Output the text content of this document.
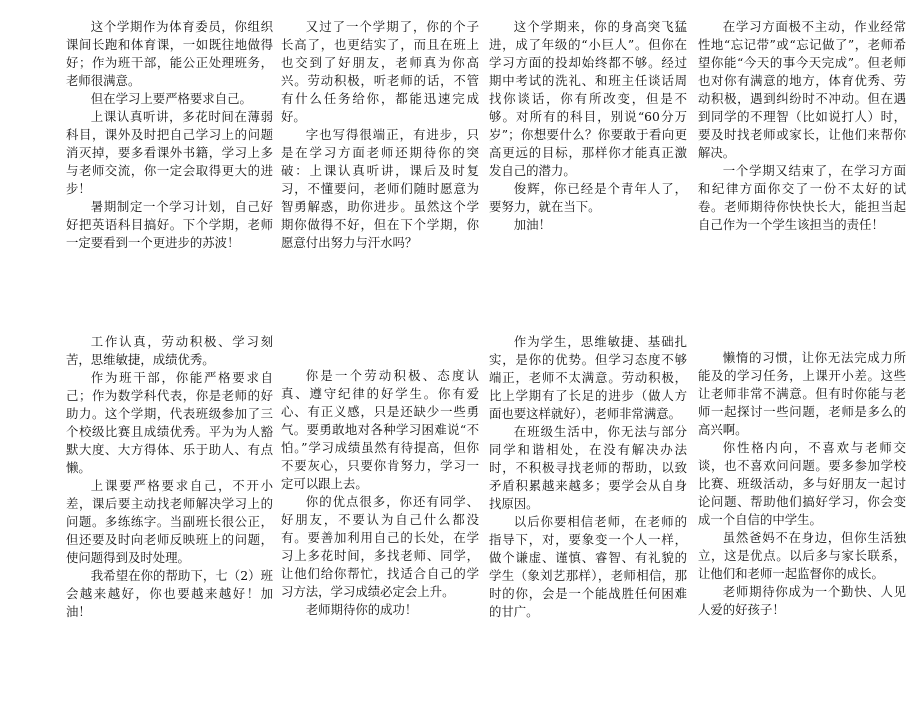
这个学期作为体育委员，你组织课间长跑和体育课，一如既往地做得好；作为班干部，能公正处理班务，老师很满意。

但在学习上要严格要求自己。

上课认真听讲，多花时间在薄弱科目，课外及时把自己学习上的问题消灭掉，要多看课外书籍，学习上多与老师交流，你一定会取得更大的进步！

暑期制定一个学习计划，自己好好把英语科目搞好。下个学期，老师一定要看到一个更进步的苏波！

又过了一个学期了，你的个子长高了，也更结实了，而且在班上也交到了好朋友，老师真为你高兴。劳动积极，听老师的话，不管有什么任务给你，都能迅速完成好。

字也写得很端正，有进步，只是在学习方面老师还期待你的突破：上课认真听讲，课后及时复习，不懂要问，老师们随时愿意为智勇解惑，助你进步。虽然这个学期你做得不好，但在下个学期，你愿意付出努力与汗水吗？

这个学期来，你的身高突飞猛进，成了年级的“小巨人”。但你在学习方面的投却始终都不够。经过期中考试的洗礼、和班主任谈话周找你谈话，你有所改变，但是不够。对所有的科目，别说“60分万岁”；你想要什么？你要敢于看向更高更远的目标，那样你才能真正激发自己的潜力。

俊辉，你已经是个青年人了，要努力，就在当下。

加油！

在学习方面极不主动，作业经常性地“忘记带”或“忘记做了”，老师希望你能“今天的事今天完成”。但老师也对你有满意的地方，体育优秀、劳动积极，遇到纠纷时不冲动。但在遇到同学的不理智（比如说打人）时，要及时找老师或家长，让他们来帮你解决。

一个学期又结束了，在学习方面和纪律方面你交了一份不太好的试卷。老师期待你快快长大，能担当起自己作为一个学生该担当的责任！

工作认真，劳动积极、学习刻苦，思维敏捷，成绩优秀。

作为班干部，你能严格要求自己；作为数学科代表，你是老师的好助力。这个学期，代表班级参加了三个校级比赛且成绩优秀。平为为人豁默大度、大方得体、乐于助人、有点懒。

上课要严格要求自己，不开小差，课后要主动找老师解决学习上的问题。多练练字。当副班长很公正，但还要及时向老师反映班上的问题，使问题得到及时处理。

我希望在你的帮助下，七（2）班会越来越好，你也要越来越好！加油！

你是一个劳动积极、态度认真、遵守纪律的好学生。你有爱心、有正义感，只是还缺少一些勇气。要勇敢地对各种学习困难说“不怕。”学习成绩虽然有待提高，但你不要灰心，只要你肯努力，学习一定可以跟上去。

你的优点很多，你还有同学、好朋友，不要认为自己什么都没有。要善加利用自己的长处，在学习上多花时间，多找老师、同学，让他们给你帮忙，找适合自己的学习方法，学习成绩必定会上升。

老师期待你的成功！

作为学生，思维敏捷、基础扎实，是你的优势。但学习态度不够端正，老师不太满意。劳动积极，比上学期有了长足的进步（做人方面也要这样就好），老师非常满意。

在班级生活中，你无法与部分同学和谐相处，在没有解决办法时，不积极寻找老师的帮助，以致矛盾积累越来越多；要学会从自身找原因。

以后你要相信老师，在老师的指导下，对，要象变一个人一样，做个谦虚、谨慎、睿智、有礼貌的学生（象刘艺那样），老师相信，那时的你，会是一个能战胜任何困难的甘广。

懒惰的习惯，让你无法完成力所能及的学习任务，上课开小差。这些让老师非常不满意。但有时你能与老师一起探讨一些问题，老师是多么的高兴啊。

你性格内向，不喜欢与老师交谈，也不喜欢问问题。要多参加学校比赛、班级活动，多与好朋友一起讨论问题、帮助他们搞好学习，你会变成一个自信的中学生。

虽然爸妈不在身边，但你生活独立，这是优点。以后多与家长联系，让他们和老师一起监督你的成长。

老师期待你成为一个勤快、人见人爱的好孩子！
